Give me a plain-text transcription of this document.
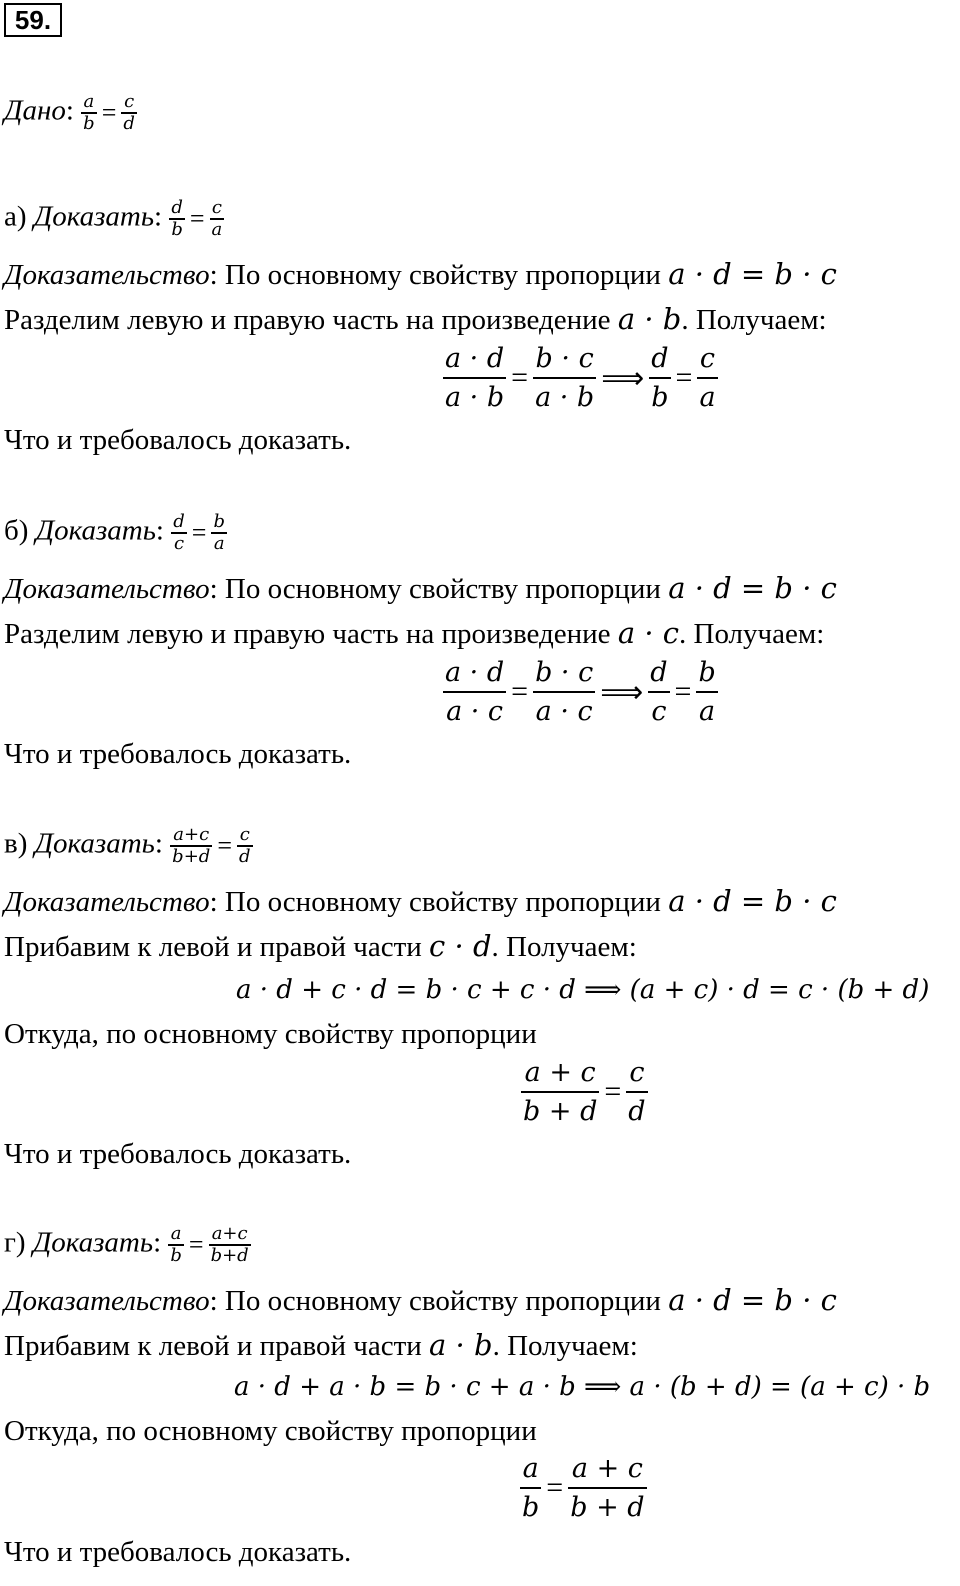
59.
Дано: $\frac{a}{b} = \frac{c}{d}$
а) Доказать: $\frac{d}{b} = \frac{c}{a}$
Доказательство: По основному свойству пропорции a · d = b · c
Разделим левую и правую часть на произведение a · b. Получаем:
$\frac{a \cdot d}{a \cdot b} = \frac{b \cdot c}{a \cdot b}$ ⟹ $\frac{d}{b} = \frac{c}{a}$
Что и требовалось доказать.
б) Доказать: $\frac{d}{c} = \frac{b}{a}$
Доказательство: По основному свойству пропорции a · d = b · c
Разделим левую и правую часть на произведение a · c. Получаем:
$\frac{a \cdot d}{a \cdot c} = \frac{b \cdot c}{a \cdot c}$ ⟹ $\frac{d}{c} = \frac{b}{a}$
Что и требовалось доказать.
в) Доказать: $\frac{a+c}{b+d} = \frac{c}{d}$
Доказательство: По основному свойству пропорции a · d = b · c
Прибавим к левой и правой части c · d. Получаем:
a · d + c · d = b · c + c · d ⟹ (a + c) · d = c · (b + d)
Откуда, по основному свойству пропорции
$\frac{a + c}{b + d} = \frac{c}{d}$
Что и требовалось доказать.
г) Доказать: $\frac{a}{b} = \frac{a+c}{b+d}$
Доказательство: По основному свойству пропорции a · d = b · c
Прибавим к левой и правой части a · b. Получаем:
a · d + a · b = b · c + a · b ⟹ a · (b + d) = (a + c) · b
Откуда, по основному свойству пропорции
$\frac{a}{b} = \frac{a + c}{b + d}$
Что и требовалось доказать.
